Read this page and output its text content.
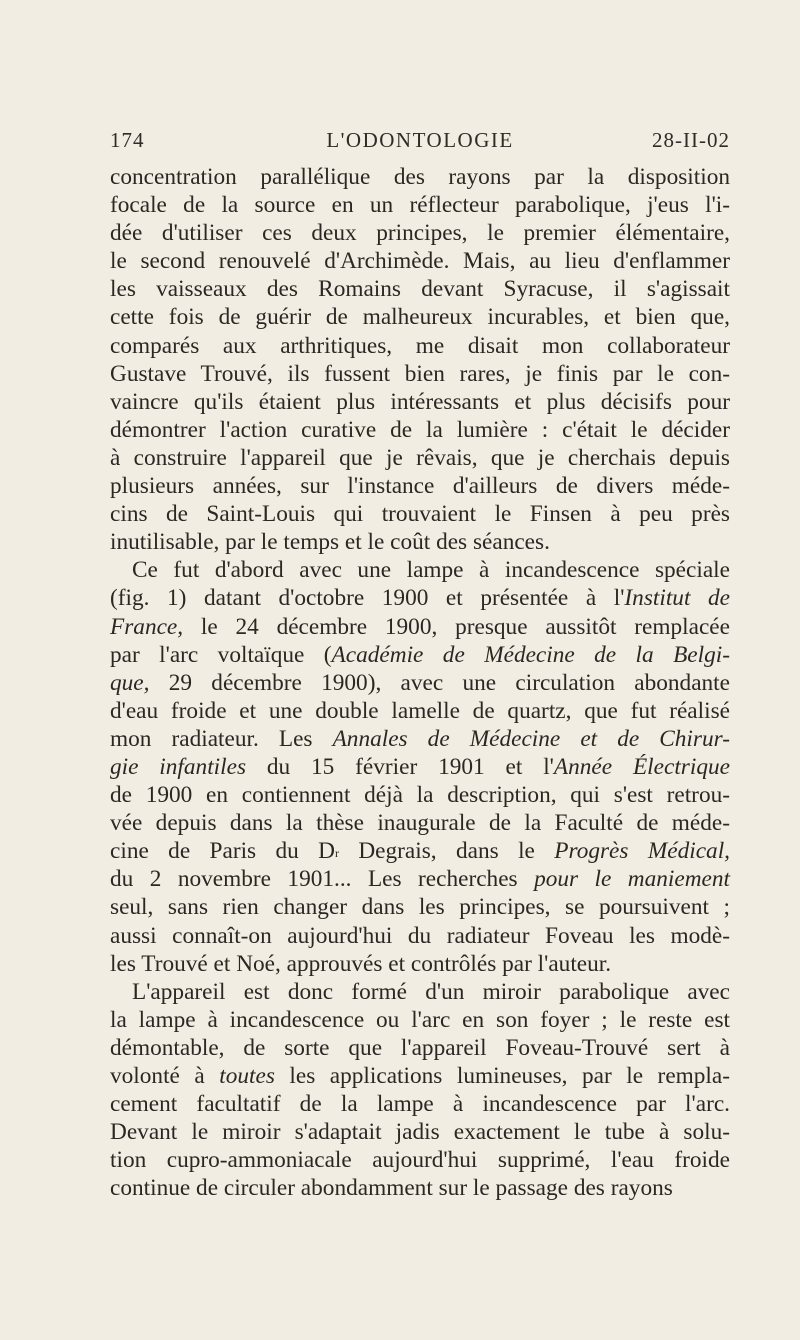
174	L'ODONTOLOGIE	28-II-02
concentration parallélique des rayons par la disposition
focale de la source en un réflecteur parabolique, j'eus l'i-
dée d'utiliser ces deux principes, le premier élémentaire,
le second renouvelé d'Archimède. Mais, au lieu d'enflammer
les vaisseaux des Romains devant Syracuse, il s'agissait
cette fois de guérir de malheureux incurables, et bien que,
comparés aux arthritiques, me disait mon collaborateur
Gustave Trouvé, ils fussent bien rares, je finis par le con-
vaincre qu'ils étaient plus intéressants et plus décisifs pour
démontrer l'action curative de la lumière : c'était le décider
à construire l'appareil que je rêvais, que je cherchais depuis
plusieurs années, sur l'instance d'ailleurs de divers méde-
cins de Saint-Louis qui trouvaient le Finsen à peu près
inutilisable, par le temps et le coût des séances.
Ce fut d'abord avec une lampe à incandescence spéciale
(fig. 1) datant d'octobre 1900 et présentée à l'Institut de
France, le 24 décembre 1900, presque aussitôt remplacée
par l'arc voltaïque (Académie de Médecine de la Belgi-
que, 29 décembre 1900), avec une circulation abondante
d'eau froide et une double lamelle de quartz, que fut réalisé
mon radiateur. Les Annales de Médecine et de Chirur-
gie infantiles du 15 février 1901 et l'Année Électrique
de 1900 en contiennent déjà la description, qui s'est retrou-
vée depuis dans la thèse inaugurale de la Faculté de méde-
cine de Paris du $D^r$ Degrais, dans le Progrès Médical,
du 2 novembre 1901... Les recherches pour le maniement
seul, sans rien changer dans les principes, se poursuivent ;
aussi connaît-on aujourd'hui du radiateur Foveau les modè-
les Trouvé et Noé, approuvés et contrôlés par l'auteur.
L'appareil est donc formé d'un miroir parabolique avec
la lampe à incandescence ou l'arc en son foyer ; le reste est
démontable, de sorte que l'appareil Foveau-Trouvé sert à
volonté à toutes les applications lumineuses, par le rempla-
cement facultatif de la lampe à incandescence par l'arc.
Devant le miroir s'adaptait jadis exactement le tube à solu-
tion cupro-ammoniacale aujourd'hui supprimé, l'eau froide
continue de circuler abondamment sur le passage des rayons
